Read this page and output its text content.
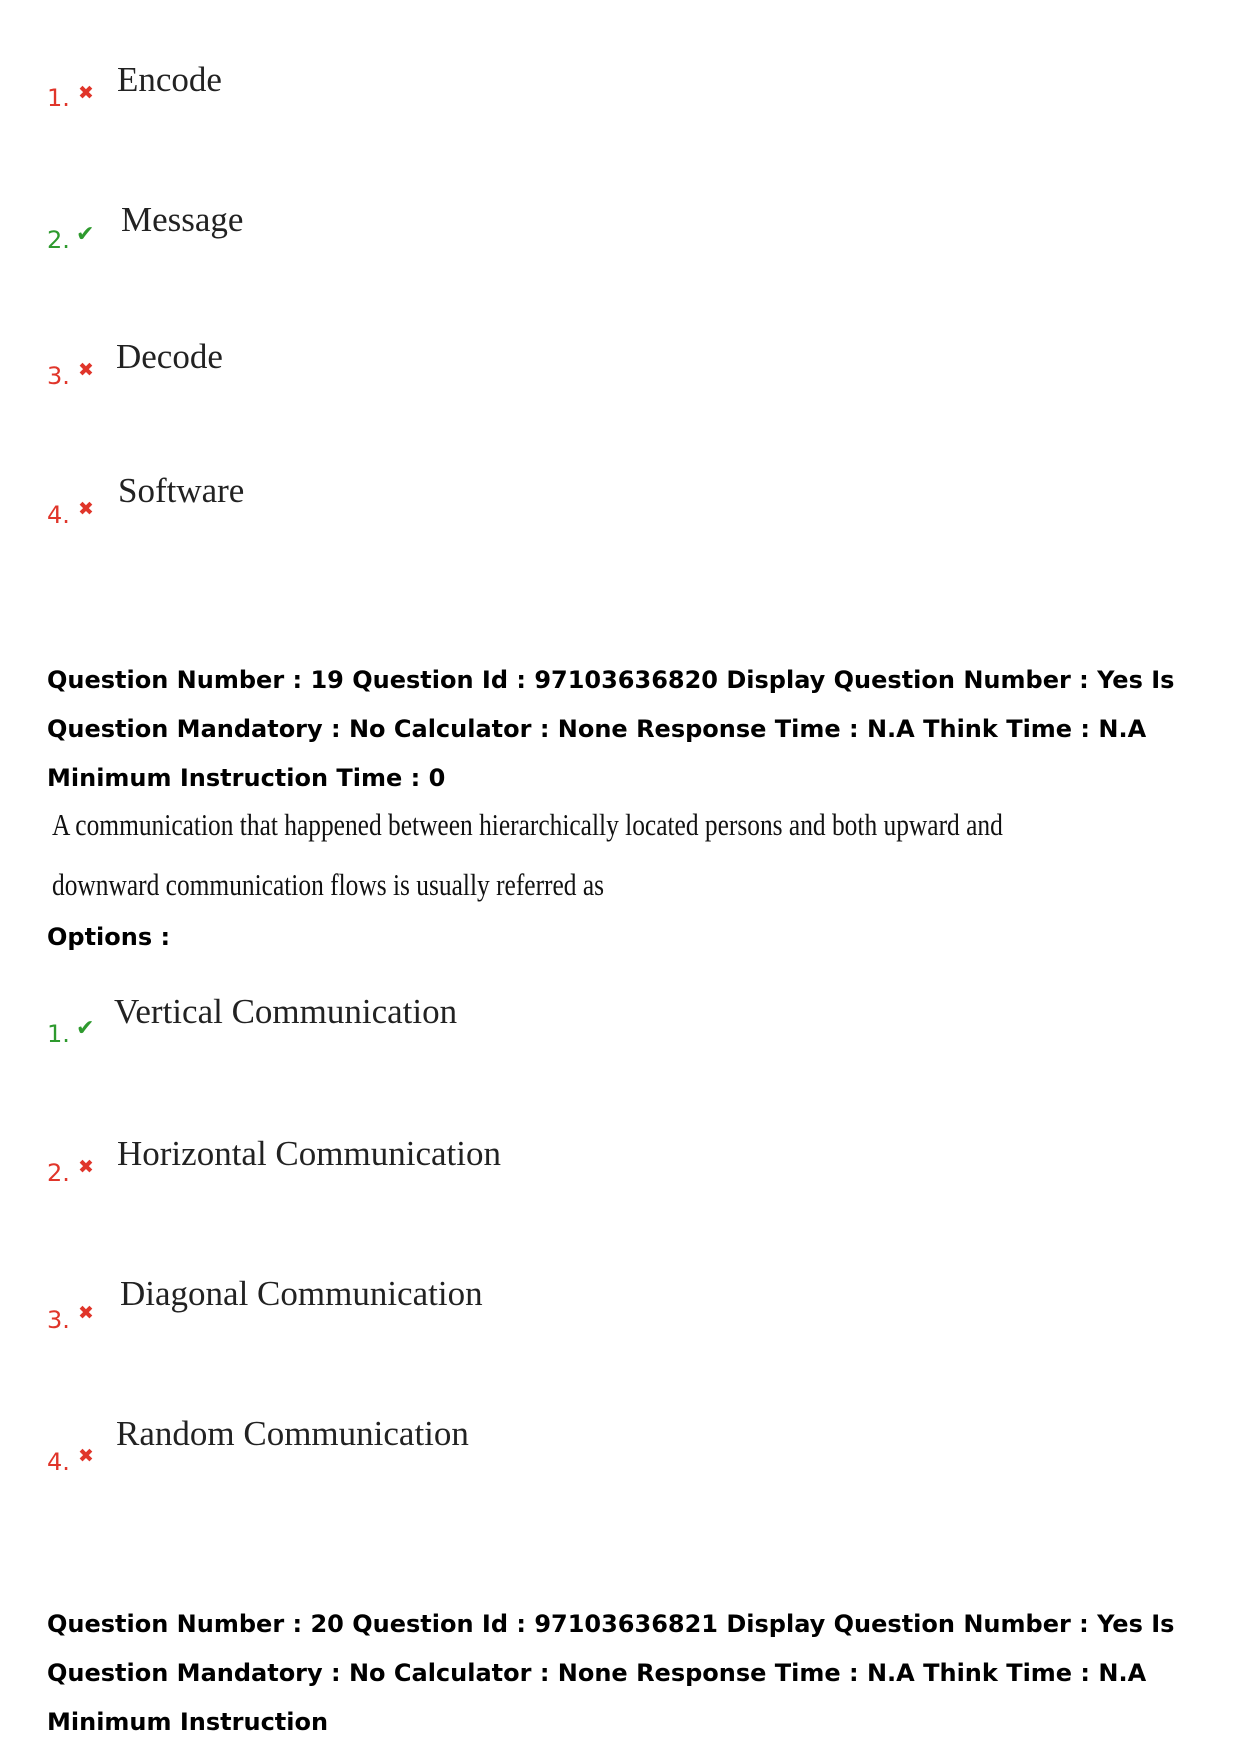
1. ✖ Encode
2. ✔ Message
3. ✖ Decode
4. ✖ Software
Question Number : 19 Question Id : 97103636820 Display Question Number : Yes Is Question Mandatory : No Calculator : None Response Time : N.A Think Time : N.A Minimum Instruction Time : 0
A communication that happened between hierarchically located persons and both upward and
downward communication flows is usually referred as
Options :
1. ✔ Vertical Communication
2. ✖ Horizontal Communication
3. ✖ Diagonal Communication
4. ✖
Random Communication
Question Number : 20 Question Id : 97103636821 Display Question Number : Yes Is Question Mandatory : No Calculator : None Response Time : N.A Think Time : N.A Minimum Instruction
